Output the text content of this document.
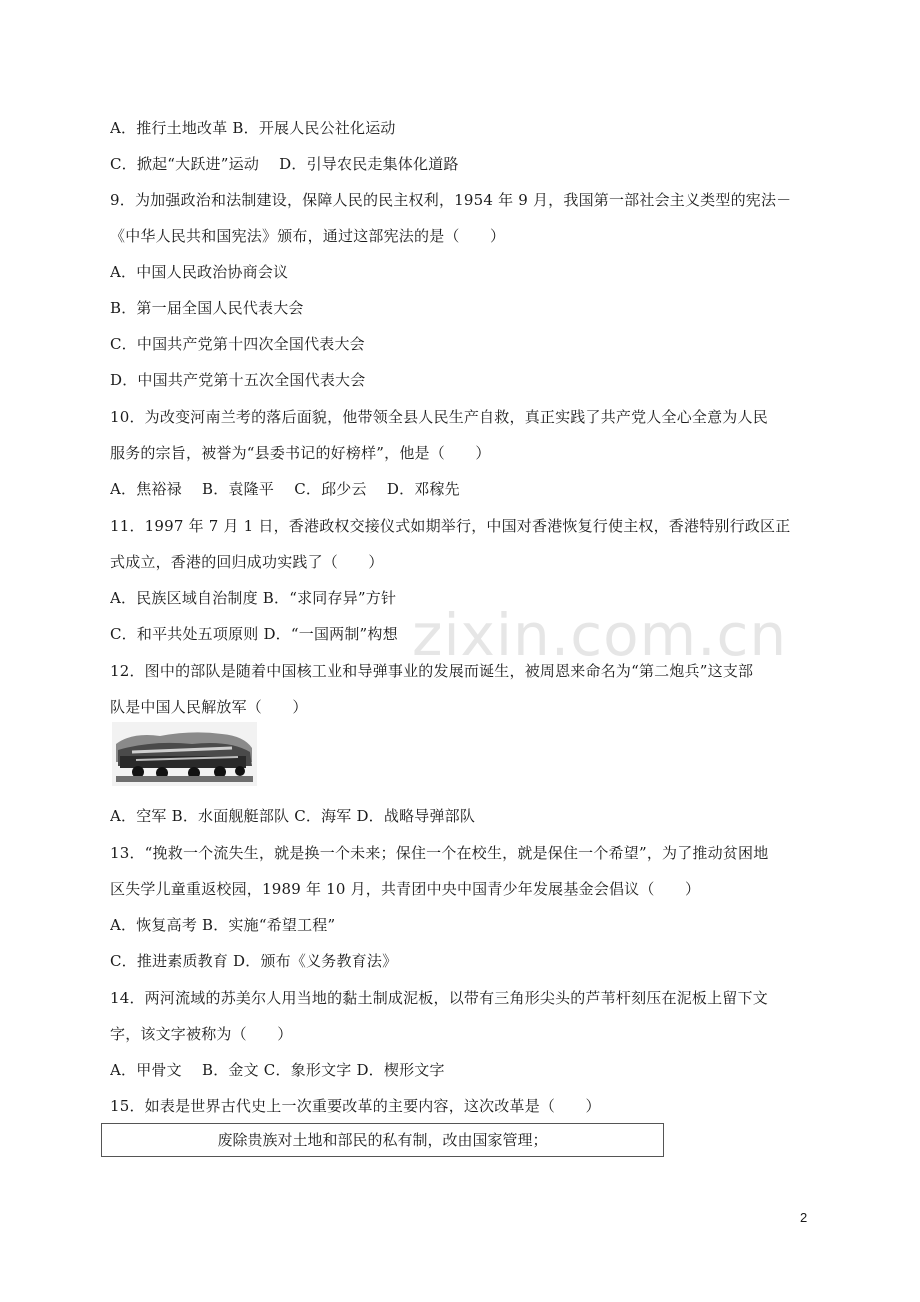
A．推行土地改革 B．开展人民公社化运动
C．掀起“大跃进”运动　 D．引导农民走集体化道路
9．为加强政治和法制建设，保障人民的民主权利，1954 年 9 月，我国第一部社会主义类型的宪法－
《中华人民共和国宪法》颁布，通过这部宪法的是（　　）
A．中国人民政治协商会议
B．第一届全国人民代表大会
C．中国共产党第十四次全国代表大会
D．中国共产党第十五次全国代表大会
10．为改变河南兰考的落后面貌，他带领全县人民生产自救，真正实践了共产党人全心全意为人民
服务的宗旨，被誉为“县委书记的好榜样”，他是（　　）
A．焦裕禄　 B．袁隆平　 C．邱少云　 D．邓稼先
11．1997 年 7 月 1 日，香港政权交接仪式如期举行，中国对香港恢复行使主权，香港特别行政区正
式成立，香港的回归成功实践了（　　）
A．民族区域自治制度 B．“求同存异”方针
C．和平共处五项原则 D．“一国两制”构想 zixin.com.cn
12．图中的部队是随着中国核工业和导弹事业的发展而诞生，被周恩来命名为“第二炮兵”这支部
队是中国人民解放军（　　）
A．空军 B．水面舰艇部队 C．海军 D．战略导弹部队
13．“挽救一个流失生，就是换一个未来；保住一个在校生，就是保住一个希望”，为了推动贫困地
区失学儿童重返校园，1989 年 10 月，共青团中央中国青少年发展基金会倡议（　　）
A．恢复高考 B．实施“希望工程”
C．推进素质教育 D．颁布《义务教育法》
14．两河流域的苏美尔人用当地的黏土制成泥板，以带有三角形尖头的芦苇杆刻压在泥板上留下文
字，该文字被称为（　　）
A．甲骨文　 B．金文 C．象形文字 D．楔形文字
15．如表是世界古代史上一次重要改革的主要内容，这次改革是（　　）
废除贵族对土地和部民的私有制，改由国家管理；
2
